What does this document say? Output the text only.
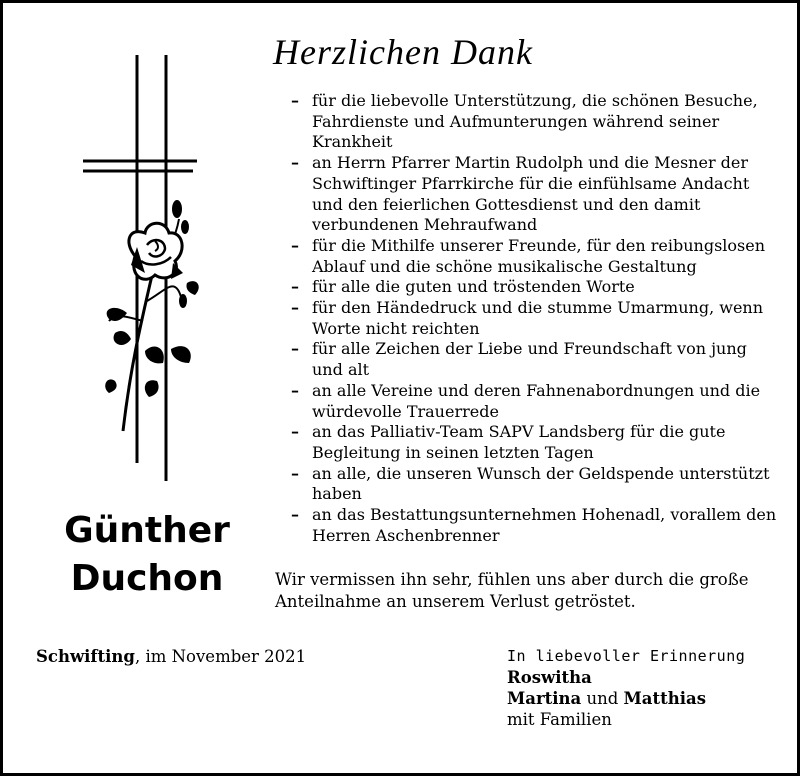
Herzlichen Dank
– für die liebevolle Unterstützung, die schönen Besuche, Fahrdienste und Aufmunterungen während seiner Krankheit
– an Herrn Pfarrer Martin Rudolph und die Mesner der Schwiftinger Pfarrkirche für die einfühlsame Andacht und den feierlichen Gottesdienst und den damit verbundenen Mehraufwand
– für die Mithilfe unserer Freunde, für den reibungslosen Ablauf und die schöne musikalische Gestaltung
– für alle die guten und tröstenden Worte
– für den Händedruck und die stumme Umarmung, wenn Worte nicht reichten
– für alle Zeichen der Liebe und Freundschaft von jung und alt
– an alle Vereine und deren Fahnenabordnungen und die würdevolle Trauerrede
– an das Palliativ-Team SAPV Landsberg für die gute Begleitung in seinen letzten Tagen
– an alle, die unseren Wunsch der Geldspende unterstützt haben
– an das Bestattungsunternehmen Hohenadl, vorallem den Herren Aschenbrenner
Günther
Duchon	Wir vermissen ihn sehr, fühlen uns aber durch die große Anteilnahme an unserem Verlust getröstet.
Schwifting, im November 2021	In liebevoller Erinnerung
Roswitha
Martina und Matthias
mit Familien
